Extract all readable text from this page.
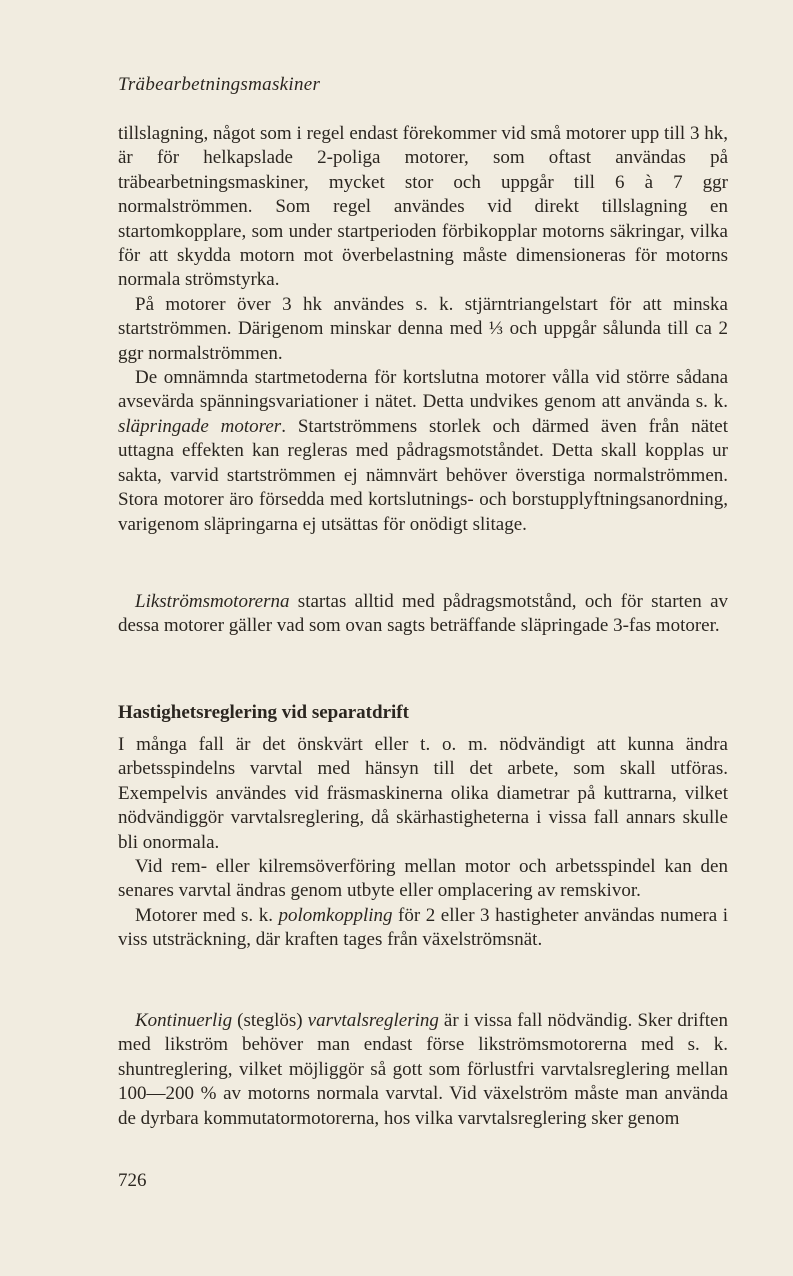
Träbearbetningsmaskiner

tillslagning, något som i regel endast förekommer vid små motorer upp till 3 hk, är för helkapslade 2-poliga motorer, som oftast användas på träbearbetningsmaskiner, mycket stor och uppgår till 6 à 7 ggr normalströmmen. Som regel användes vid direkt tillslagning en startomkopplare, som under startperioden förbikopplar motorns säkringar, vilka för att skydda motorn mot överbelastning måste dimensioneras för motorns normala strömstyrka.

På motorer över 3 hk användes s. k. stjärntriangelstart för att minska startströmmen. Därigenom minskar denna med ⅓ och uppgår sålunda till ca 2 ggr normalströmmen.

De omnämnda startmetoderna för kortslutna motorer vålla vid större sådana avsevärda spänningsvariationer i nätet. Detta undvikes genom att använda s. k. släpringade motorer. Startströmmens storlek och därmed även från nätet uttagna effekten kan regleras med pådragsmotståndet. Detta skall kopplas ur sakta, varvid startströmmen ej nämnvärt behöver överstiga normalströmmen. Stora motorer äro försedda med kortslutnings- och borstupplyftningsanordning, varigenom släpringarna ej utsättas för onödigt slitage.

Likströmsmotorerna startas alltid med pådragsmotstånd, och för starten av dessa motorer gäller vad som ovan sagts beträffande släpringade 3-fas motorer.

Hastighetsreglering vid separatdrift

I många fall är det önskvärt eller t. o. m. nödvändigt att kunna ändra arbetsspindelns varvtal med hänsyn till det arbete, som skall utföras. Exempelvis användes vid fräsmaskinerna olika diametrar på kuttrarna, vilket nödvändiggör varvtalsreglering, då skärhastigheterna i vissa fall annars skulle bli onormala.

Vid rem- eller kilremsöverföring mellan motor och arbetsspindel kan den senares varvtal ändras genom utbyte eller omplacering av remskivor.

Motorer med s. k. polomkoppling för 2 eller 3 hastigheter användas numera i viss utsträckning, där kraften tages från växelströmsnät.

Kontinuerlig (steglös) varvtalsreglering är i vissa fall nödvändig. Sker driften med likström behöver man endast förse likströmsmotorerna med s. k. shuntreglering, vilket möjliggör så gott som förlustfri varvtalsreglering mellan 100—200 % av motorns normala varvtal. Vid växelström måste man använda de dyrbara kommutatormotorerna, hos vilka varvtalsreglering sker genom

726
